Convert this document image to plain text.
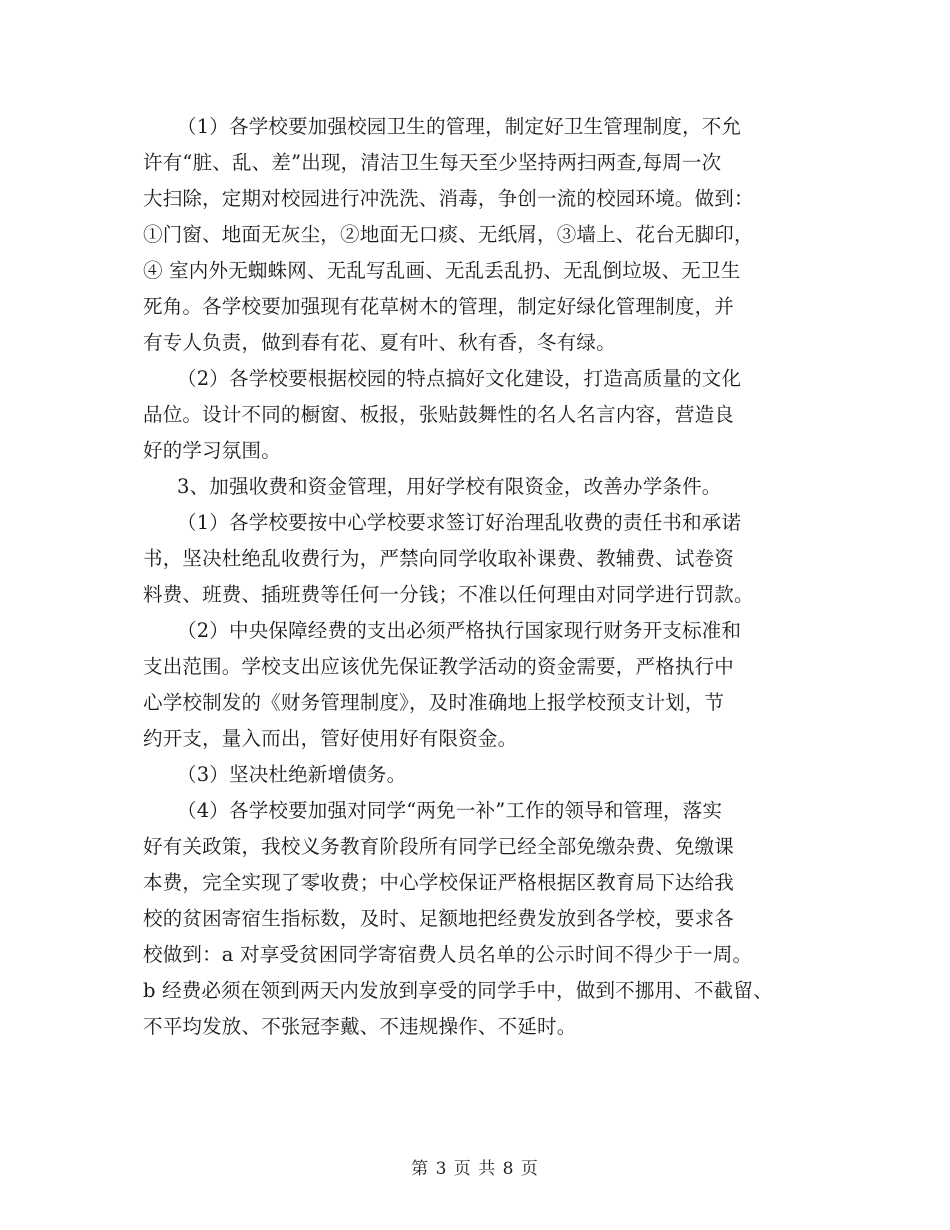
（1）各学校要加强校园卫生的管理，制定好卫生管理制度，不允
许有“脏、乱、差”出现，清洁卫生每天至少坚持两扫两查,每周一次
大扫除，定期对校园进行冲洗洗、消毒，争创一流的校园环境。做到：
①门窗、地面无灰尘，②地面无口痰、无纸屑，③墙上、花台无脚印，
④ 室内外无蜘蛛网、无乱写乱画、无乱丢乱扔、无乱倒垃圾、无卫生
死角。各学校要加强现有花草树木的管理，制定好绿化管理制度，并
有专人负责，做到春有花、夏有叶、秋有香，冬有绿。
（2）各学校要根据校园的特点搞好文化建设，打造高质量的文化
品位。设计不同的橱窗、板报，张贴鼓舞性的名人名言内容，营造良
好的学习氛围。
3、加强收费和资金管理，用好学校有限资金，改善办学条件。
（1）各学校要按中心学校要求签订好治理乱收费的责任书和承诺
书，坚决杜绝乱收费行为，严禁向同学收取补课费、教辅费、试卷资
料费、班费、插班费等任何一分钱；不准以任何理由对同学进行罚款。
（2）中央保障经费的支出必须严格执行国家现行财务开支标准和
支出范围。学校支出应该优先保证教学活动的资金需要，严格执行中
心学校制发的《财务管理制度》，及时准确地上报学校预支计划，节
约开支，量入而出，管好使用好有限资金。
（3）坚决杜绝新增债务。
（4）各学校要加强对同学“两免一补”工作的领导和管理，落实
好有关政策，我校义务教育阶段所有同学已经全部免缴杂费、免缴课
本费，完全实现了零收费；中心学校保证严格根据区教育局下达给我
校的贫困寄宿生指标数，及时、足额地把经费发放到各学校，要求各
校做到：a 对享受贫困同学寄宿费人员名单的公示时间不得少于一周。
b 经费必须在领到两天内发放到享受的同学手中，做到不挪用、不截留、
不平均发放、不张冠李戴、不违规操作、不延时。
第 3 页 共 8 页
